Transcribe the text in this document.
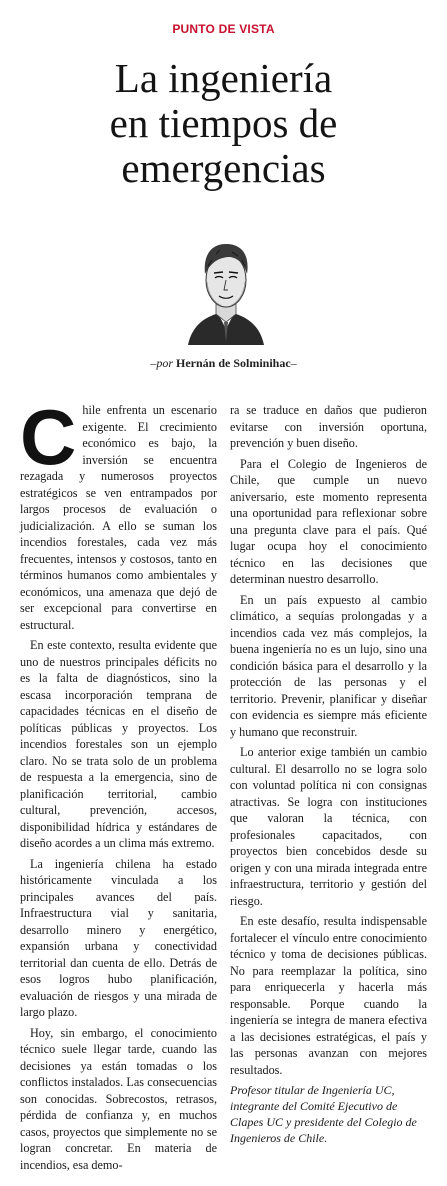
PUNTO DE VISTA
La ingeniería
en tiempos de
emergencias
–por Hernán de Solminihac–

Chile enfrenta un escenario exigente. El crecimiento económico es bajo, la inversión se encuentra rezagada y numerosos proyectos estratégicos se ven entrampados por largos procesos de evaluación o judicialización. A ello se suman los incendios forestales, cada vez más frecuentes, intensos y costosos, tanto en términos humanos como ambientales y económicos, una amenaza que dejó de ser excepcional para convertirse en estructural.

En este contexto, resulta evidente que uno de nuestros principales déficits no es la falta de diagnósticos, sino la escasa incorporación temprana de capacidades técnicas en el diseño de políticas públicas y proyectos. Los incendios forestales son un ejemplo claro. No se trata solo de un problema de respuesta a la emergencia, sino de planificación territorial, cambio cultural, prevención, accesos, disponibilidad hídrica y estándares de diseño acordes a un clima más extremo.

La ingeniería chilena ha estado históricamente vinculada a los principales avances del país. Infraestructura vial y sanitaria, desarrollo minero y energético, expansión urbana y conectividad territorial dan cuenta de ello. Detrás de esos logros hubo planificación, evaluación de riesgos y una mirada de largo plazo.

Hoy, sin embargo, el conocimiento técnico suele llegar tarde, cuando las decisiones ya están tomadas o los conflictos instalados. Las consecuencias son conocidas. Sobrecostos, retrasos, pérdida de confianza y, en muchos casos, proyectos que simplemente no se logran concretar. En materia de incendios, esa demo-

ra se traduce en daños que pudieron evitarse con inversión oportuna, prevención y buen diseño.

Para el Colegio de Ingenieros de Chile, que cumple un nuevo aniversario, este momento representa una oportunidad para reflexionar sobre una pregunta clave para el país. Qué lugar ocupa hoy el conocimiento técnico en las decisiones que determinan nuestro desarrollo.

En un país expuesto al cambio climático, a sequías prolongadas y a incendios cada vez más complejos, la buena ingeniería no es un lujo, sino una condición básica para el desarrollo y la protección de las personas y el territorio. Prevenir, planificar y diseñar con evidencia es siempre más eficiente y humano que reconstruir.

Lo anterior exige también un cambio cultural. El desarrollo no se logra solo con voluntad política ni con consignas atractivas. Se logra con instituciones que valoran la técnica, con profesionales capacitados, con proyectos bien concebidos desde su origen y con una mirada integrada entre infraestructura, territorio y gestión del riesgo.

En este desafío, resulta indispensable fortalecer el vínculo entre conocimiento técnico y toma de decisiones públicas. No para reemplazar la política, sino para enriquecerla y hacerla más responsable. Porque cuando la ingeniería se integra de manera efectiva a las decisiones estratégicas, el país y las personas avanzan con mejores resultados.

Profesor titular de Ingeniería UC, integrante del Comité Ejecutivo de Clapes UC y presidente del Colegio de Ingenieros de Chile.
